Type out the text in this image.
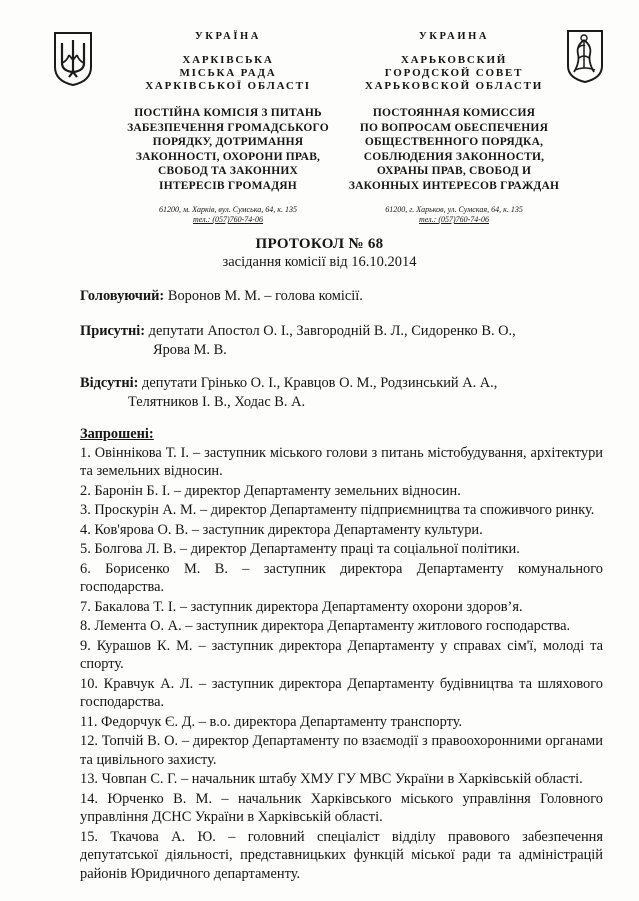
УКРАЇНА
ХАРКІВСЬКА
МІСЬКА РАДА
ХАРКІВСЬКОЇ ОБЛАСТІ
ПОСТІЙНА КОМІСІЯ З ПИТАНЬ
ЗАБЕЗПЕЧЕННЯ ГРОМАДСЬКОГО
ПОРЯДКУ, ДОТРИМАННЯ
ЗАКОННОСТІ, ОХОРОНИ ПРАВ,
СВОБОД ТА ЗАКОННИХ
ІНТЕРЕСІВ ГРОМАДЯН
61200, м. Харків, вул. Сумська, 64, к. 135
тел.: (057)760-74-06
УКРАИНА
ХАРЬКОВСКИЙ
ГОРОДСКОЙ СОВЕТ
ХАРЬКОВСКОЙ ОБЛАСТИ
ПОСТОЯННАЯ КОМИССИЯ
ПО ВОПРОСАМ ОБЕСПЕЧЕНИЯ
ОБЩЕСТВЕННОГО ПОРЯДКА,
СОБЛЮДЕНИЯ ЗАКОННОСТИ,
ОХРАНЫ ПРАВ, СВОБОД И
ЗАКОННЫХ ИНТЕРЕСОВ ГРАЖДАН
61200, г. Харьков, ул. Сумская, 64, к. 135
тел.: (057)760-74-06
ПРОТОКОЛ № 68
засідання комісії від 16.10.2014
Головуючий: Воронов М. М. – голова комісії.
Присутні: депутати Апостол О. І., Завгородній В. Л., Сидоренко В. О.,
Ярова М. В.
Відсутні: депутати Грінько О. І., Кравцов О. М., Родзинський А. А.,
Телятников І. В., Ходас В. А.
Запрошені:
1. Овіннікова Т. І. – заступник міського голови з питань містобудування, архітектури та земельних відносин.
2. Баронін Б. І. – директор Департаменту земельних відносин.
3. Проскурін А. М. – директор Департаменту підприємництва та споживчого ринку.
4. Ков'ярова О. В. – заступник директора Департаменту культури.
5. Болгова Л. В. – директор Департаменту праці та соціальної політики.
6. Борисенко М. В. – заступник директора Департаменту комунального господарства.
7. Бакалова Т. І. – заступник директора Департаменту охорони здоров’я.
8. Лемента О. А. – заступник директора Департаменту житлового господарства.
9. Курашов К. М. – заступник директора Департаменту у справах сім'ї, молоді та спорту.
10. Кравчук А. Л. – заступник директора Департаменту будівництва та шляхового господарства.
11. Федорчук Є. Д. – в.о. директора Департаменту транспорту.
12. Топчій В. О. – директор Департаменту по взаємодії з правоохоронними органами та цивільного захисту.
13. Човпан С. Г. – начальник штабу ХМУ ГУ МВС України в Харківській області.
14. Юрченко В. М. – начальник Харківського міського управління Головного управління ДСНС України в Харківській області.
15. Ткачова А. Ю. – головний спеціаліст відділу правового забезпечення депутатської діяльності, представницьких функцій міської ради та адміністрацій районів Юридичного департаменту.
